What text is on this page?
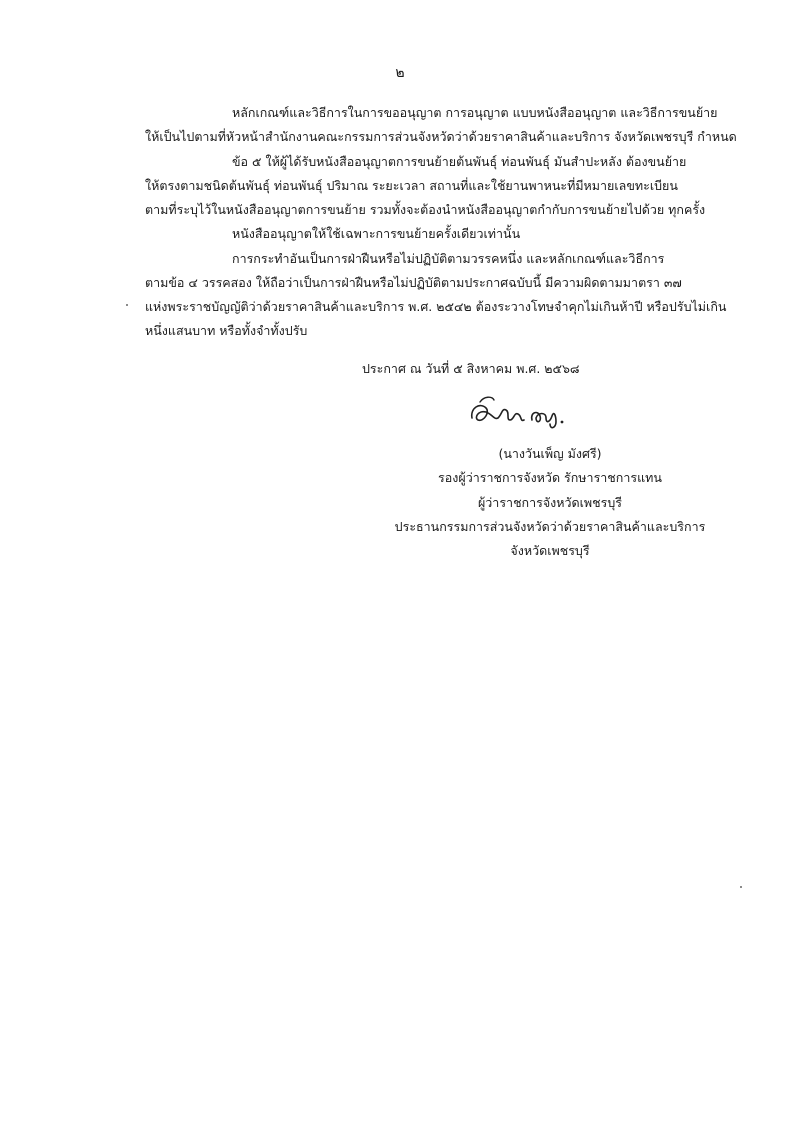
๒
หลักเกณฑ์และวิธีการในการขออนุญาต การอนุญาต แบบหนังสืออนุญาต และวิธีการขนย้าย
ให้เป็นไปตามที่หัวหน้าสำนักงานคณะกรรมการส่วนจังหวัดว่าด้วยราคาสินค้าและบริการ จังหวัดเพชรบุรี กำหนด
ข้อ ๕ ให้ผู้ได้รับหนังสืออนุญาตการขนย้ายต้นพันธุ์ ท่อนพันธุ์ มันสำปะหลัง ต้องขนย้าย
ให้ตรงตามชนิดต้นพันธุ์ ท่อนพันธุ์ ปริมาณ ระยะเวลา สถานที่และใช้ยานพาหนะที่มีหมายเลขทะเบียน
ตามที่ระบุไว้ในหนังสืออนุญาตการขนย้าย รวมทั้งจะต้องนำหนังสืออนุญาตกำกับการขนย้ายไปด้วย ทุกครั้ง
หนังสืออนุญาตให้ใช้เฉพาะการขนย้ายครั้งเดียวเท่านั้น
การกระทำอันเป็นการฝ่าฝืนหรือไม่ปฏิบัติตามวรรคหนึ่ง และหลักเกณฑ์และวิธีการ
ตามข้อ ๔ วรรคสอง ให้ถือว่าเป็นการฝ่าฝืนหรือไม่ปฏิบัติตามประกาศฉบับนี้ มีความผิดตามมาตรา ๓๗
แห่งพระราชบัญญัติว่าด้วยราคาสินค้าและบริการ พ.ศ. ๒๕๔๒ ต้องระวางโทษจำคุกไม่เกินห้าปี หรือปรับไม่เกิน
หนึ่งแสนบาท หรือทั้งจำทั้งปรับ
ประกาศ ณ วันที่ ๕ สิงหาคม พ.ศ. ๒๕๖๘
(นางวันเพ็ญ มังศรี)
รองผู้ว่าราชการจังหวัด รักษาราชการแทน
ผู้ว่าราชการจังหวัดเพชรบุรี
ประธานกรรมการส่วนจังหวัดว่าด้วยราคาสินค้าและบริการ
จังหวัดเพชรบุรี
